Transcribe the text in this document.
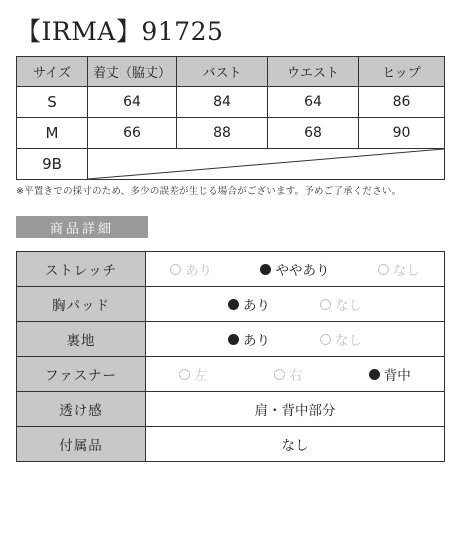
【IRMA】91725
サイズ	着丈（脇丈）	バスト	ウエスト	ヒップ
S	64	84	64	86
M	66	88	68	90
9B	
※平置きでの採寸のため、多少の誤差が生じる場合がございます。予めご了承ください。
商品詳細
ストレッチ	あり ややあり なし

胸パッド	あり なし

裏地	あり なし

ファスナー	左 右 背中

透け感	肩・背中部分
付属品	なし
